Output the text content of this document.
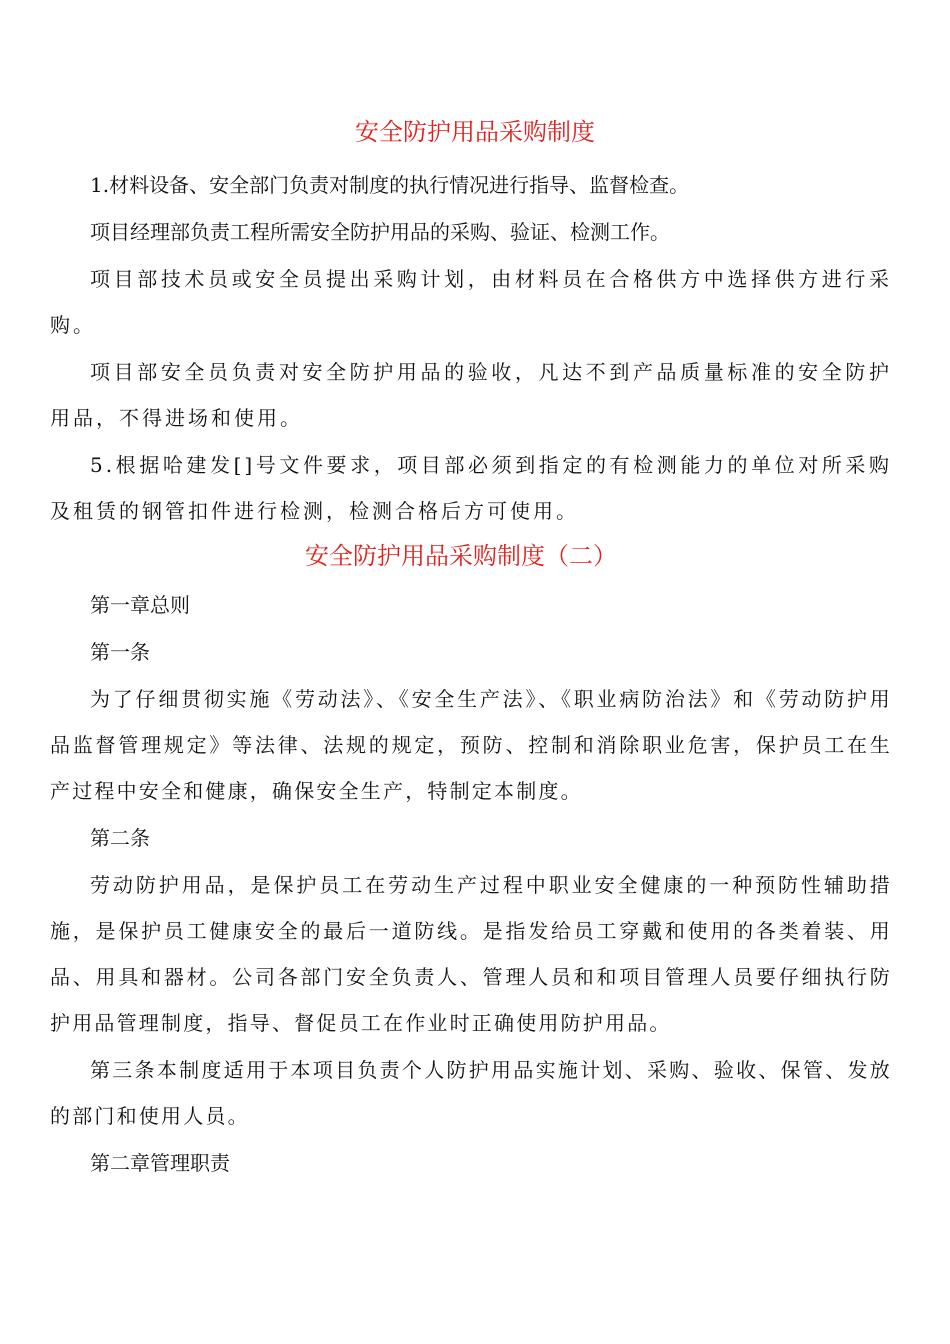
安全防护用品采购制度

1.材料设备、安全部门负责对制度的执行情况进行指导、监督检查。

项目经理部负责工程所需安全防护用品的采购、验证、检测工作。

项目部技术员或安全员提出采购计划，由材料员在合格供方中选择供方进行采购。

项目部安全员负责对安全防护用品的验收，凡达不到产品质量标准的安全防护用品，不得进场和使用。

5.根据哈建发[]号文件要求，项目部必须到指定的有检测能力的单位对所采购及租赁的钢管扣件进行检测，检测合格后方可使用。

安全防护用品采购制度（二）

第一章总则

第一条

为了仔细贯彻实施《劳动法》、《安全生产法》、《职业病防治法》和《劳动防护用品监督管理规定》等法律、法规的规定，预防、控制和消除职业危害，保护员工在生产过程中安全和健康，确保安全生产，特制定本制度。

第二条

劳动防护用品，是保护员工在劳动生产过程中职业安全健康的一种预防性辅助措施，是保护员工健康安全的最后一道防线。是指发给员工穿戴和使用的各类着装、用品、用具和器材。公司各部门安全负责人、管理人员和和项目管理人员要仔细执行防护用品管理制度，指导、督促员工在作业时正确使用防护用品。

第三条本制度适用于本项目负责个人防护用品实施计划、采购、验收、保管、发放的部门和使用人员。

第二章管理职责
